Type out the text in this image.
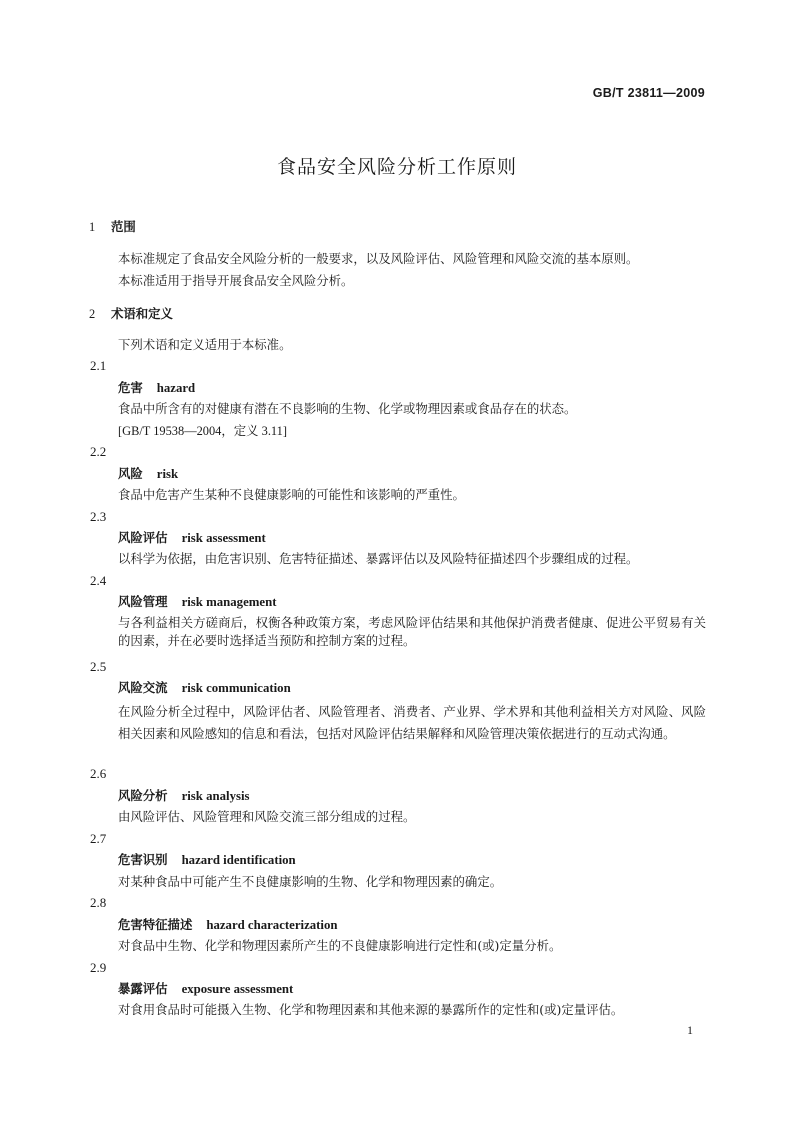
GB/T 23811—2009
食品安全风险分析工作原则
1 范围
本标准规定了食品安全风险分析的一般要求，以及风险评估、风险管理和风险交流的基本原则。
本标准适用于指导开展食品安全风险分析。
2 术语和定义
下列术语和定义适用于本标准。
2.1
危害 hazard
食品中所含有的对健康有潜在不良影响的生物、化学或物理因素或食品存在的状态。
[GB/T 19538—2004，定义 3.11]
2.2
风险 risk
食品中危害产生某种不良健康影响的可能性和该影响的严重性。
2.3
风险评估 risk assessment
以科学为依据，由危害识别、危害特征描述、暴露评估以及风险特征描述四个步骤组成的过程。
2.4
风险管理 risk management
与各利益相关方磋商后，权衡各种政策方案，考虑风险评估结果和其他保护消费者健康、促进公平贸易有关的因素，并在必要时选择适当预防和控制方案的过程。
2.5
风险交流 risk communication
在风险分析全过程中，风险评估者、风险管理者、消费者、产业界、学术界和其他利益相关方对风险、风险相关因素和风险感知的信息和看法，包括对风险评估结果解释和风险管理决策依据进行的互动式沟通。
2.6
风险分析 risk analysis
由风险评估、风险管理和风险交流三部分组成的过程。
2.7
危害识别 hazard identification
对某种食品中可能产生不良健康影响的生物、化学和物理因素的确定。
2.8
危害特征描述 hazard characterization
对食品中生物、化学和物理因素所产生的不良健康影响进行定性和(或)定量分析。
2.9
暴露评估 exposure assessment
对食用食品时可能摄入生物、化学和物理因素和其他来源的暴露所作的定性和(或)定量评估。
1
